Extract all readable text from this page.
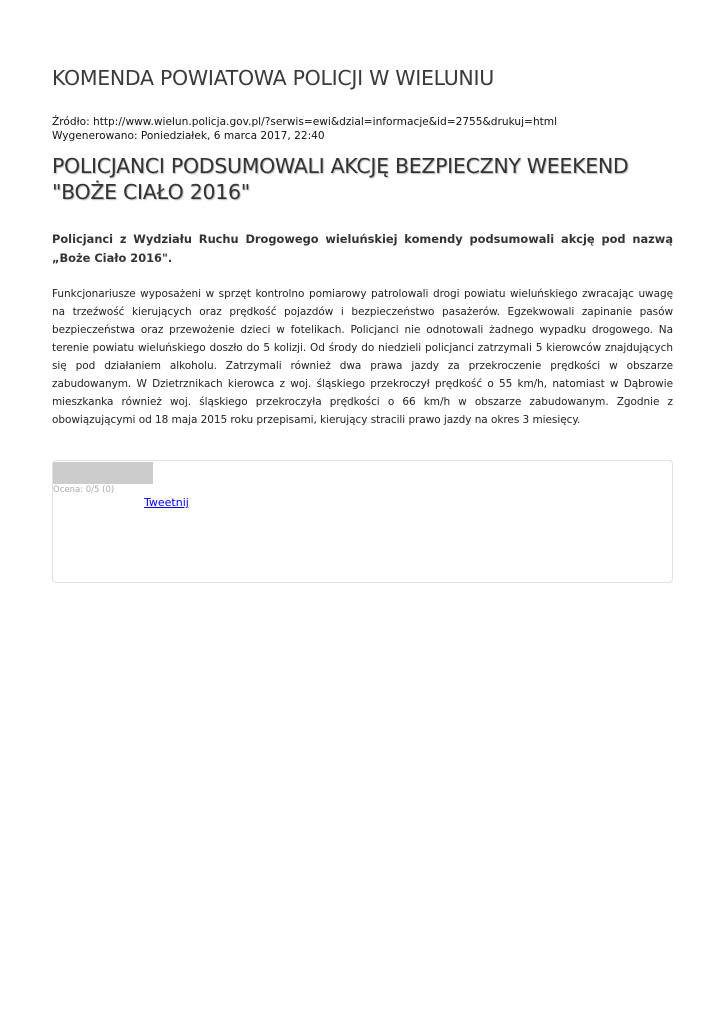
KOMENDA POWIATOWA POLICJI W WIELUNIU
Źródło: http://www.wielun.policja.gov.pl/?serwis=ewi&dzial=informacje&id=2755&drukuj=html
Wygenerowano: Poniedziałek, 6 marca 2017, 22:40
POLICJANCI PODSUMOWALI AKCJĘ BEZPIECZNY WEEKEND "BOŻE CIAŁO 2016"

Policjanci z Wydziału Ruchu Drogowego wieluńskiej komendy podsumowali akcję pod nazwą „Boże Ciało 2016".

Funkcjonariusze wyposażeni w sprzęt kontrolno pomiarowy patrolowali drogi powiatu wieluńskiego zwracając uwagę na trzeźwość kierujących oraz prędkość pojazdów i bezpieczeństwo pasażerów. Egzekwowali zapinanie pasów bezpieczeństwa oraz przewożenie dzieci w fotelikach. Policjanci nie odnotowali żadnego wypadku drogowego. Na terenie powiatu wieluńskiego doszło do 5 kolizji. Od środy do niedzieli policjanci zatrzymali 5 kierowców znajdujących się pod działaniem alkoholu. Zatrzymali również dwa prawa jazdy za przekroczenie prędkości w obszarze zabudowanym. W Dzietrznikach kierowca z woj. śląskiego przekroczył prędkość o 55 km/h, natomiast w Dąbrowie mieszkanka również woj. śląskiego przekroczyła prędkości o 66 km/h w obszarze zabudowanym. Zgodnie z obowiązującymi od 18 maja 2015 roku przepisami, kierujący stracili prawo jazdy na okres 3 miesięcy.

Ocena: 0/5 (0)
Tweetnij
